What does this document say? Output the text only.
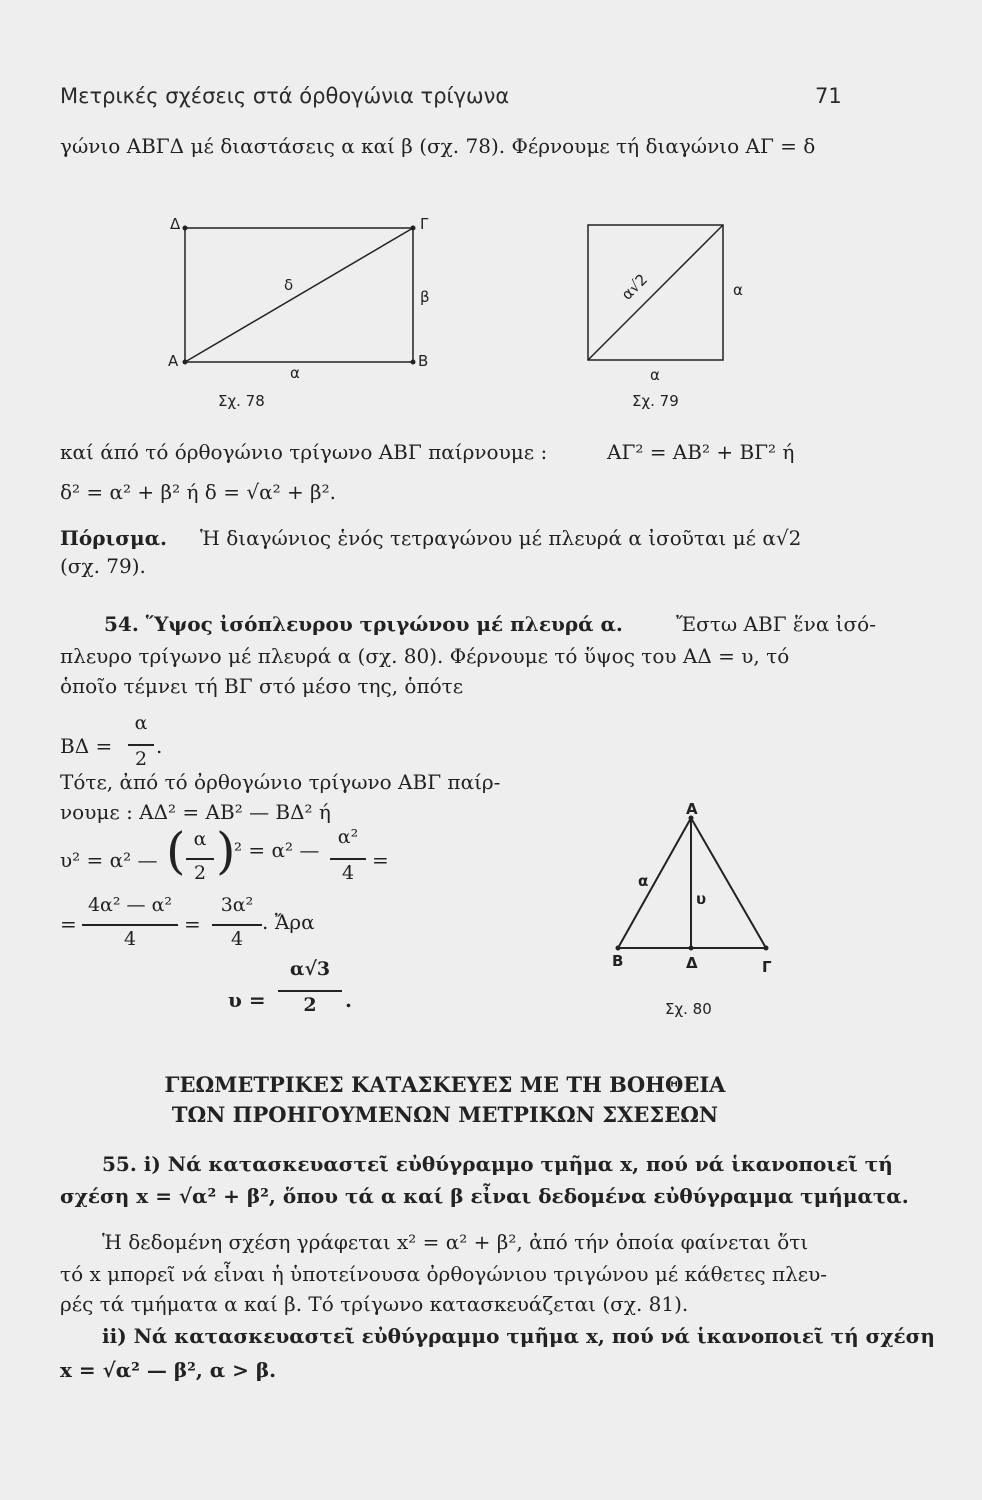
Μετρικές σχέσεις στά όρθογώνια τρίγωνα	71
γώνιο ΑΒΓΔ μέ διαστάσεις α καί β (σχ. 78). Φέρνουμε τή διαγώνιο ΑΓ = δ
Δ	Γ
Α	Β
δ
β
α
Σχ. 78
α√2	α
α
Σχ. 79
καί άπό τό όρθογώνιο τρίγωνο ΑΒΓ παίρνουμε :	ΑΓ² = ΑΒ² + ΒΓ² ή
δ² = α² + β² ή δ = √α² + β².
Πόρισμα. Ἡ διαγώνιος ἑνός τετραγώνου μέ πλευρά α ἰσοῦται μέ α√2
(σχ. 79).
54. Ὕψος ἰσόπλευρου τριγώνου μέ πλευρά α.	Ἔστω ΑΒΓ ἕνα ἰσό-
πλευρο τρίγωνο μέ πλευρά α (σχ. 80). Φέρνουμε τό ὕψος του ΑΔ = υ, τό
ὁποῖο τέμνει τή ΒΓ στό μέσο της, ὁπότε
ΒΔ =
α
2
.
Τότε, ἀπό τό ὀρθογώνιο τρίγωνο ΑΒΓ παίρ-
νουμε : ΑΔ² = ΑΒ² — ΒΔ² ή
υ² = α² — ( α
2 )
² = α² —
α²
4
=
=
4α² — α²
4
=
3α²
4
. Ἄρα
υ =
α√3
2	.
Α
α
υ
Β	Δ	Γ
Σχ. 80
ΓΕΩΜΕΤΡΙΚΕΣ ΚΑΤΑΣΚΕΥΕΣ ΜΕ ΤΗ ΒΟΗΘΕΙΑ
ΤΩΝ ΠΡΟΗΓΟΥΜΕΝΩΝ ΜΕΤΡΙΚΩΝ ΣΧΕΣΕΩΝ
55. i) Νά κατασκευαστεῖ εὐθύγραμμο τμῆμα x, πού νά ἱκανοποιεῖ τή
σχέση x = √α² + β², ὅπου τά α καί β εἶναι δεδομένα εὐθύγραμμα τμήματα.
Ἡ δεδομένη σχέση γράφεται x² = α² + β², ἀπό τήν ὁποία φαίνεται ὅτι
τό x μπορεῖ νά εἶναι ἡ ὑποτείνουσα ὀρθογώνιου τριγώνου μέ κάθετες πλευ-
ρές τά τμήματα α καί β. Τό τρίγωνο κατασκευάζεται (σχ. 81).
ii) Νά κατασκευαστεῖ εὐθύγραμμο τμῆμα x, πού νά ἱκανοποιεῖ τή σχέση
x = √α² — β², α > β.
